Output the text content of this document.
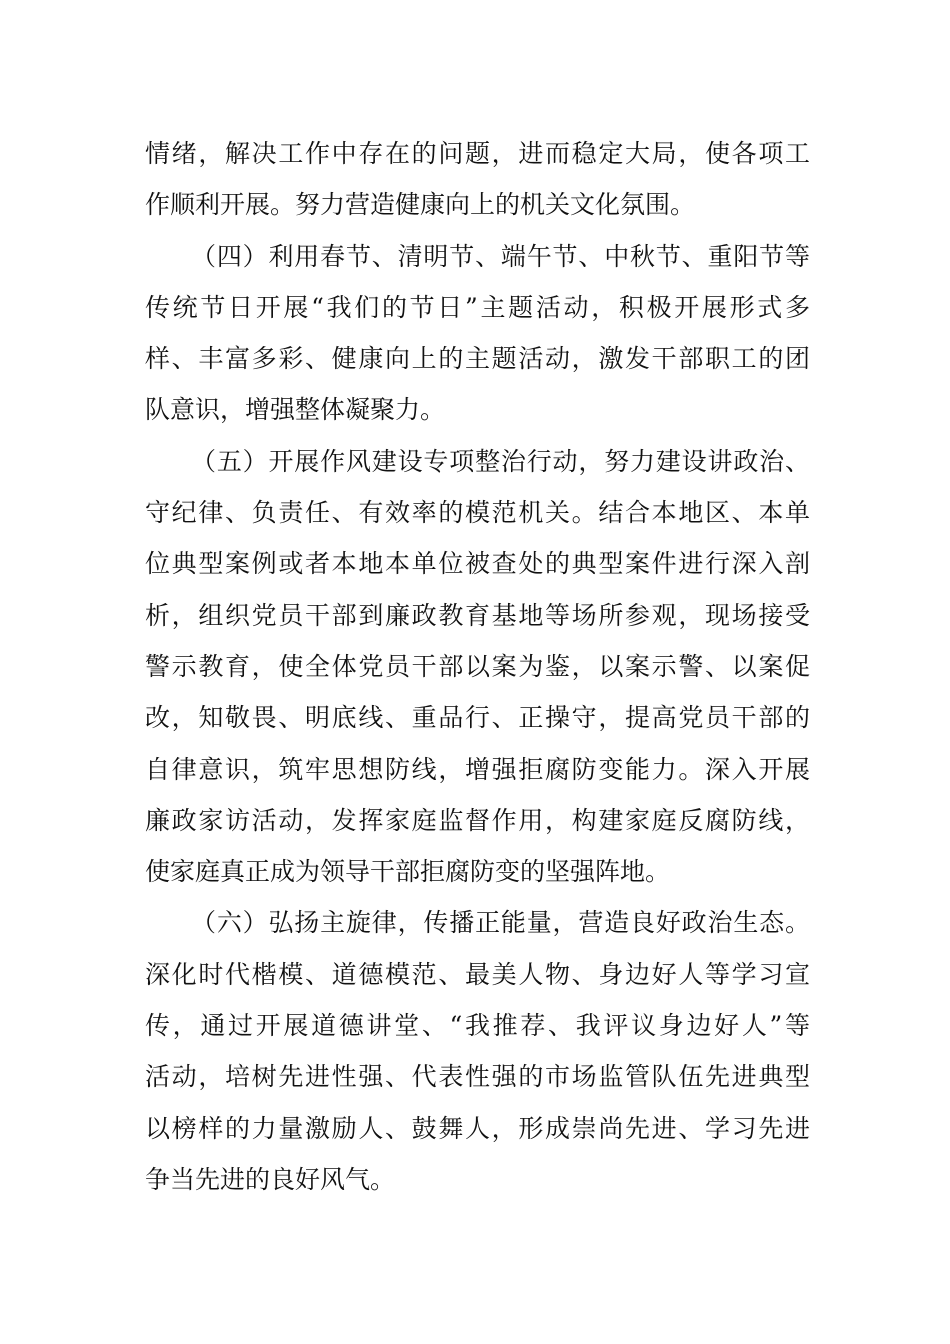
情绪，解决工作中存在的问题，进而稳定大局，使各项工
作顺利开展。努力营造健康向上的机关文化氛围。
（四）利用春节、清明节、端午节、中秋节、重阳节等
传统节日开展“我们的节日”主题活动，积极开展形式多
样、丰富多彩、健康向上的主题活动，激发干部职工的团
队意识，增强整体凝聚力。
（五）开展作风建设专项整治行动，努力建设讲政治、
守纪律、负责任、有效率的模范机关。结合本地区、本单
位典型案例或者本地本单位被查处的典型案件进行深入剖
析，组织党员干部到廉政教育基地等场所参观，现场接受
警示教育，使全体党员干部以案为鉴，以案示警、以案促
改，知敬畏、明底线、重品行、正操守，提高党员干部的
自律意识，筑牢思想防线，增强拒腐防变能力。深入开展
廉政家访活动，发挥家庭监督作用，构建家庭反腐防线，
使家庭真正成为领导干部拒腐防变的坚强阵地。
（六）弘扬主旋律，传播正能量，营造良好政治生态。
深化时代楷模、道德模范、最美人物、身边好人等学习宣
传，通过开展道德讲堂、“我推荐、我评议身边好人”等
活动，培树先进性强、代表性强的市场监管队伍先进典型
以榜样的力量激励人、鼓舞人，形成崇尚先进、学习先进
争当先进的良好风气。
